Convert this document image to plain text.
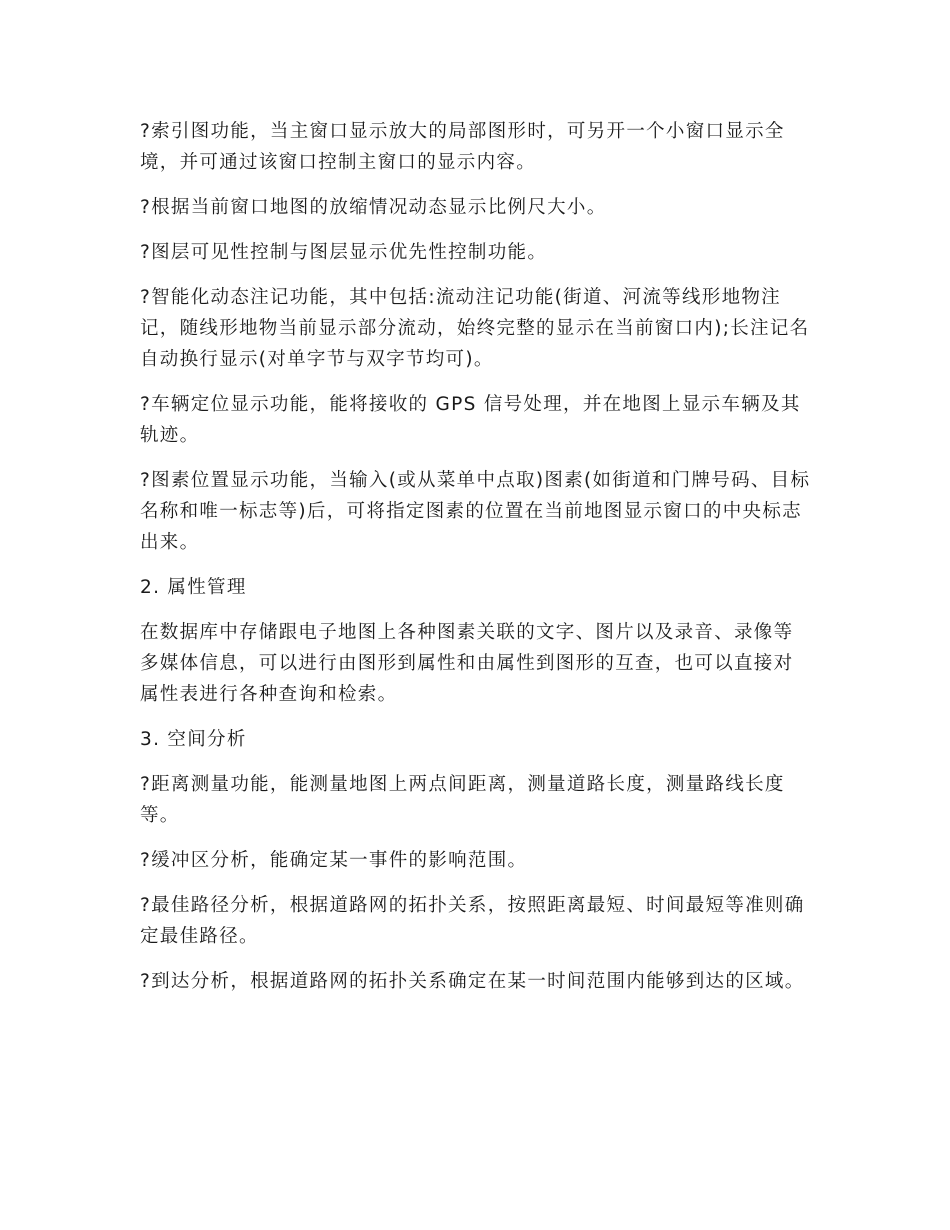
?索引图功能，当主窗口显示放大的局部图形时，可另开一个小窗口显示全境，并可通过该窗口控制主窗口的显示内容。

?根据当前窗口地图的放缩情况动态显示比例尺大小。

?图层可见性控制与图层显示优先性控制功能。

?智能化动态注记功能，其中包括:流动注记功能(街道、河流等线形地物注记，随线形地物当前显示部分流动，始终完整的显示在当前窗口内);长注记名自动换行显示(对单字节与双字节均可)。

?车辆定位显示功能，能将接收的 GPS 信号处理，并在地图上显示车辆及其轨迹。

?图素位置显示功能，当输入(或从菜单中点取)图素(如街道和门牌号码、目标名称和唯一标志等)后，可将指定图素的位置在当前地图显示窗口的中央标志出来。

2. 属性管理

在数据库中存储跟电子地图上各种图素关联的文字、图片以及录音、录像等多媒体信息，可以进行由图形到属性和由属性到图形的互查，也可以直接对属性表进行各种查询和检索。

3. 空间分析

?距离测量功能，能测量地图上两点间距离，测量道路长度，测量路线长度等。

?缓冲区分析，能确定某一事件的影响范围。

?最佳路径分析，根据道路网的拓扑关系，按照距离最短、时间最短等准则确定最佳路径。

?到达分析，根据道路网的拓扑关系确定在某一时间范围内能够到达的区域。
